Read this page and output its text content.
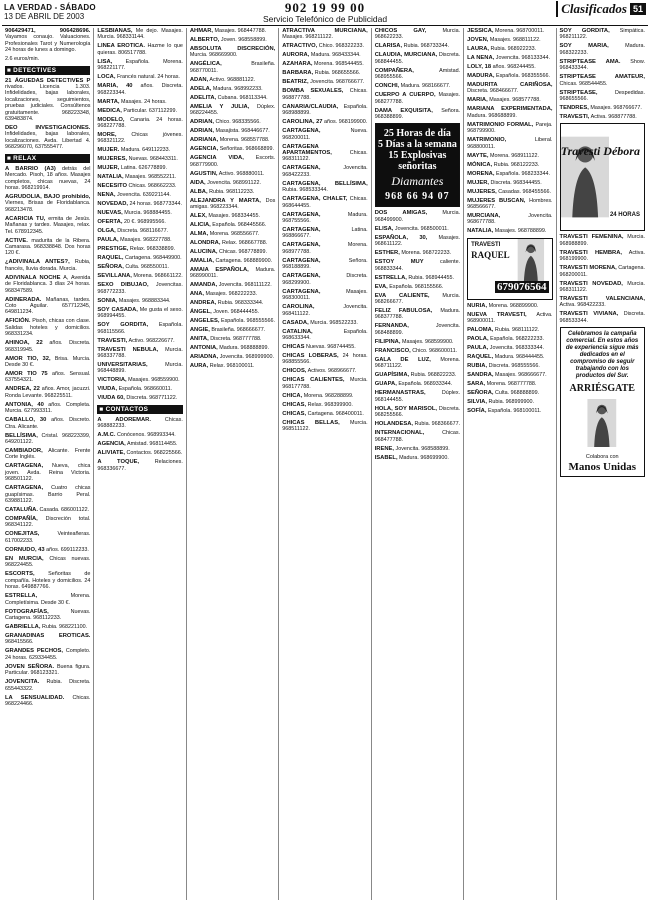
LA VERDAD - SÁBADO
13 DE ABRIL DE 2003
902 19 99 00
Servicio Telefónico de Publicidad
Clasificados 51
906429471, 906428696. Vayamos conaujo. Valuaciones. Profesionales Tarot y Numerología 24 horas de lunes a domingo.
2.6 euros/min.
■ DETECTIVES
21 ÁGUEDAS DETECTIVES P rivados. Licencia 1.303. Infidelidades, bajas laborales, localizaciones, seguimientos, pruebas judiciales. Consúltenos gratuitamente. 968223348, 639483874.
DEO INVESTIGACIONES. Infidelidades, bajas laborales, localizaciones. Avda. Libertad 4. 968296070, 637555477.
■ RELAX
A BARRIO (A3) detrás del Mercado. Pisoh, 18 años. Masajes completos, chicas nuevas, 24 horas. 968219914.
AGRUDOLIA, BAJO prohibido, Viernes, Brisas de Floridablanca. 968213478.
ACARICIA TU, ermita de Jesús. Mañanas y tardes. Masajes, relax. Tel. 678912345.
ACTIVE. madurita de la Ribera. Camarasa. 968338848. Dos horas 120 €.
¿ADIVINALA ANTES?, Rubia, francés, lluvia dorada. Murcia.
ADIVINALA NOCHE A, Avenida de Floridablanca. 3 días 24 horas. 968347589.
ADINERADA. Mañanas, tardes. Coto Aguilar. 657712345, 649811234.
AFICIÓN. Pisoh, chicas con clase. Salidas hoteles y domicilios. 968331234.
AHINOA, 22 años. Discreta. 968319945.
AMOR TIO, 32, Brisa. Murcia. Desde 30 €.
AMOR TIO 75 años. Sensual. 637554321.
ANDREA, 22 años. Amor, jacuzzi. Ronda Levante. 968225511.
ANTONIA, 40 años. Completa. Murcia. 627993311.
CABALLO, 30 años. Discreto. Ctra. Alicante.
BELLÍSIMA, Cristal. 968223399, 649201122.
CAMBIADOR, Alicante. Frente Corte Inglés.
CARTAGENA, Nueva, chica joven. Avda. Reina Victoria. 968501122.
CARTAGENA, Cuatro chicas guapísimas. Barrio Peral. 639881122.
CATALUÑA. Casada. 686001122.
COMPAÑÍA, Discreción total. 968341122.
CONEJITAS,	Veinteañeras. 617002233.
CORNUDO, 43 años. 699112233.
EN MURCIA, Chicas nuevas. 968224455.
ESCORTS,	Señoritas de compañía. Hoteles y domicilios. 24 horas. 649887766.
ESTRELLA,	Morena. Completísima. Desde 30 €.
FOTOGRAFÍAS,	Nuevas. Cartagena. 968112233.
GABRIELLA, Rubia. 968221100.
GRANADINAS EROTICAS. 968415566.
GRANDES PECHOS, Completo. 24 horas. 629334455.
JOVEN SEÑORA. Buena figura. Particular. 968123321.
JOVENCITA. Rubia. Discreta. 655443322.
LA SENSUALIDAD. Chicas. 968224466.
LESBIANAS, Me dejo. Masajes. Murcia. 968331144.
LINEA EROTICA. Hazme lo que quieras. 806517788.
LISA, Española. Morena. 968221177.
LOCA, Francés natural. 24 horas.
MARIA, 40 años. Discreta. 968223344.
MARTA, Masajes. 24 horas.
MEDICA, Particular. 637112299.
MODELO, Canaria. 24 horas. 968227788.
MORE,	Chicas jóvenes. 968321122.
MUJER. Madura. 649112233.
MUJERES, Nuevas. 968443311.
MUJER, Latina. 626778899.
NATALIA, Masajes. 968552211.
NECESITO Chicas. 968662233.
NENA, Jovencita. 639221144.
NOVEDAD, 24 horas. 968773344.
NUEVAS, Murcia. 968884455.
OFERTA, 20 €. 968995566.
OLGA, Discreta. 968116677.
PAULA, Masajes. 968227788.
PRESTIGE, Relax. 968338899.
RAQUEL, Cartagena. 968449900.
SEÑORA, Culta. 968550011.
SEVILLANA, Morena. 968661122.
SEXO DIBUJAO, Jovencitas. 968772233.
SONIA, Masajes. 968883344.
SOY CASADA, Me gusta el sexo. 968994455.
SOY GORDITA, Española. 968115566.
TRAVESTI, Activo. 968226677.
TRAVESTI NEBULA, Murcia. 968337788.
UNIVERSITARIAS,	Murcia. 968448899.
VICTORIA, Masajes. 968559900.
VIUDA, Española. 968660011.
VIUDA 60, Discreta. 968771122.
■ CONTACTOS
A ADOREMAR.	Chicas. 968882233.
A.M.C. Conócenos. 968993344.
AGENCIA, Amistad. 968114455.
ALIVIATE, Contactos. 968225566.
A TOQUE,	Relaciones. 968336677.
AHMAR, Masajes. 968447788.
ALBERTO, Joven. 968558899.
ABSOLUTA DISCRECIÓN, Murcia. 968669900.
ANGÉLICA,	Brasileña. 968770011.
ADAN, Activo. 968881122.
ADELA, Madura. 968992233.
ADELITA, Cubana. 968113344.
AMELIA Y JULIA, Dúplex. 968224455.
ADRIAN, Chico. 968335566.
ADRIAN, Masajista. 968446677.
ADRIANA, Morena. 968557788.
AGENCIA, Señoritas. 968668899.
AGENCIA VIDA, Escorts. 968779900.
AGUSTIN, Activo. 968880011.
AIDA, Jovencita. 968991122.
ALBA, Rubia. 968112233.
ALEJANDRA Y MARTA, Dos amigas. 968223344.
ALEX, Masajes. 968334455.
ALICIA, Española. 968445566.
ALMA, Morena. 968556677.
ALONDRA, Relax. 968667788.
ALUCINA, Chicas. 968778899.
AMALIA, Cartagena. 968889900.
AMAIA ESPAÑOLA, Madura. 968990011.
AMANDA, Jovencita. 968111122.
ANA, Masajes. 968222233.
ANDREA, Rubia. 968333344.
ÁNGEL, Joven. 968444455.
ANGELES, Española. 968555566.
ANGIE, Brasileña. 968666677.
ANITA, Discreta. 968777788.
ANTONIA, Madura. 968888899.
ARIADNA, Jovencita. 968999900.
AURA, Relax. 968100011.
ATRACTIVA MURCIANA, Masajes. 968211122.
ATRACTIVO, Chico. 968322233.
AURORA, Madura. 968433344.
AZAHARA, Morena. 968544455.
BARBARA, Rubia. 968655566.
BEATRIZ, Jovencita. 968766677.
BOMBA SEXUALES, Chicas. 968877788.
CANARIA/CLAUDIA, Española. 968988899.
CAROLINA, 27 años. 968199900.
CARTAGENA,	Nueva. 968200011.
CARTAGENA APARTAMENTOS,	Chicas. 968311122.
CARTAGENA,	Jovencita. 968422233.
CARTAGENA, BELLÍSIMA, Rubia. 968533344.
CARTAGENA, CHALET, Chicas. 968644455.
CARTAGENA,	Madura. 968755566.
CARTAGENA,	Latina. 968866677.
CARTAGENA,	Morena. 968977788.
CARTAGENA,	Señora. 968188899.
CARTAGENA,	Discreta. 968299900.
CARTAGENA,	Masajes. 968300011.
CAROLINA,	Jovencita. 968411122.
CASADA, Murcia. 968522233.
CATALINA,	Española. 968633344.
CHICAS Nuevas. 968744455.
CHICAS LOBERAS, 24 horas. 968855566.
CHICOS, Activos. 968966677.
CHICAS CALIENTES, Murcia. 968177788.
CHICA, Morena. 968288899.
CHICAS, Relax. 968399900.
CHICAS, Cartagena. 968400011.
CHICAS BELLAS, Murcia. 968511122.
CHICOS GAY,	Murcia. 968622233.
CLARISA, Rubia. 968733344.
CLAUDIA, MURCIANA, Discreta. 968844455.
COMPAÑERA,	Amistad. 968955566.
CONCHI, Madura. 968166677.
CUERPO A CUERPO, Masajes. 968277788.
DAMA EXQUISITA, Señora. 968388899.
25 Horas de día
5 Días a la semana
15 Explosivas señoritas
Diamantes
968 66 94 07
DOS AMIGAS,	Murcia. 968499900.
ELISA, Jovencita. 968500011.
ESPAÑOLA, 30, Masajes. 968611122.
ESTHER, Morena. 968722233.
ESTOY MUY	caliente. 968833344.
ESTRELLA, Rubia. 968944455.
EVA, Española. 968155566.
EVA CALIENTE, Murcia. 968266677.
FELIZ FABULOSA, Madura. 968377788.
FERNANDA,	Jovencita. 968488899.
FILIPINA, Masajes. 968599900.
FRANCISCO, Chico. 968600011.
GALA DE LUZ, Morena. 968711122.
GUAPÍSIMA, Rubia. 968822233.
GUAPA, Española. 968933344.
HERMANASTRAS,	Dúplex. 968144455.
HOLA, SOY MARISOL, Discreta. 968255566.
HOLANDESA, Rubia. 968366677.
INTERNACIONAL,	Chicas. 968477788.
IRENE, Jovencita. 968588899.
ISABEL, Madura. 968699900.
JESSICA, Morena. 968700011.
JOVEN, Masajes. 968811122.
LAURA, Rubia. 968922233.
LA NENA, Jovencita. 968133344.
LOLY, 18 años. 968244455.
MADURA, Española. 968355566.
MADURITA CARIÑOSA, Discreta. 968466677.
MARIA, Masajes. 968577788.
MARIANA EXPERIMENTADA, Madura. 968688899.
MATRIMONIO FORMAL, Pareja. 968799900.
MATRIMONIO,	Liberal. 968800011.
MAYTE, Morena. 968911122.
MÓNICA, Rubia. 968122233.
MORENA, Española. 968233344.
MUJER, Discreta. 968344455.
MUJERES, Casadas. 968455566.
MUJERES BUSCAN, Hombres. 968566677.
MURCIANA,	Jovencita. 968677788.
NATALIA, Masajes. 968788899.
TRAVESTI
RAQUEL
679076564
NURIA, Morena. 968899900.
NUEVA TRAVESTI, Activa. 968900011.
PALOMA, Rubia. 968111122.
PAOLA, Española. 968222233.
PAULA, Jovencita. 968333344.
RAQUEL, Madura. 968444455.
RUBIA, Discreta. 968555566.
SANDRA, Masajes. 968666677.
SARA, Morena. 968777788.
SEÑORA, Culta. 968888899.
SILVIA, Rubia. 968999900.
SOFÍA, Española. 968100011.
SOY GORDITA, Simpática. 968211122.
SOY MARIA,	Madura. 968322233.
STRIPTEASE AMA. Show. 968433344.
STRIPTEASE AMATEUR, Chicas. 968544455.
STRIPTEASE,	Despedidas. 968655566.
TENDRES, Masajes. 968766677.
TRAVESTI, Activa. 968877788.
Travesti Débora
24 HORAS
TRAVESTI FEMENINA, Murcia. 968988899.
TRAVESTI HEMBRA, Activa. 968199900.
TRAVESTI MORENA, Cartagena. 968200011.
TRAVESTI NOVEDAD, Murcia. 968311122.
TRAVESTI VALENCIANA, Activa. 968422233.
TRAVESTI VIVIANA, Discreta. 968533344.
Celebramos la campaña comercial. En estos años de experiencia sigue más dedicados en el compromiso de seguir trabajando con los productos del Sur.
ARRIÉSGATE
Colabora con
Manos Unidas
